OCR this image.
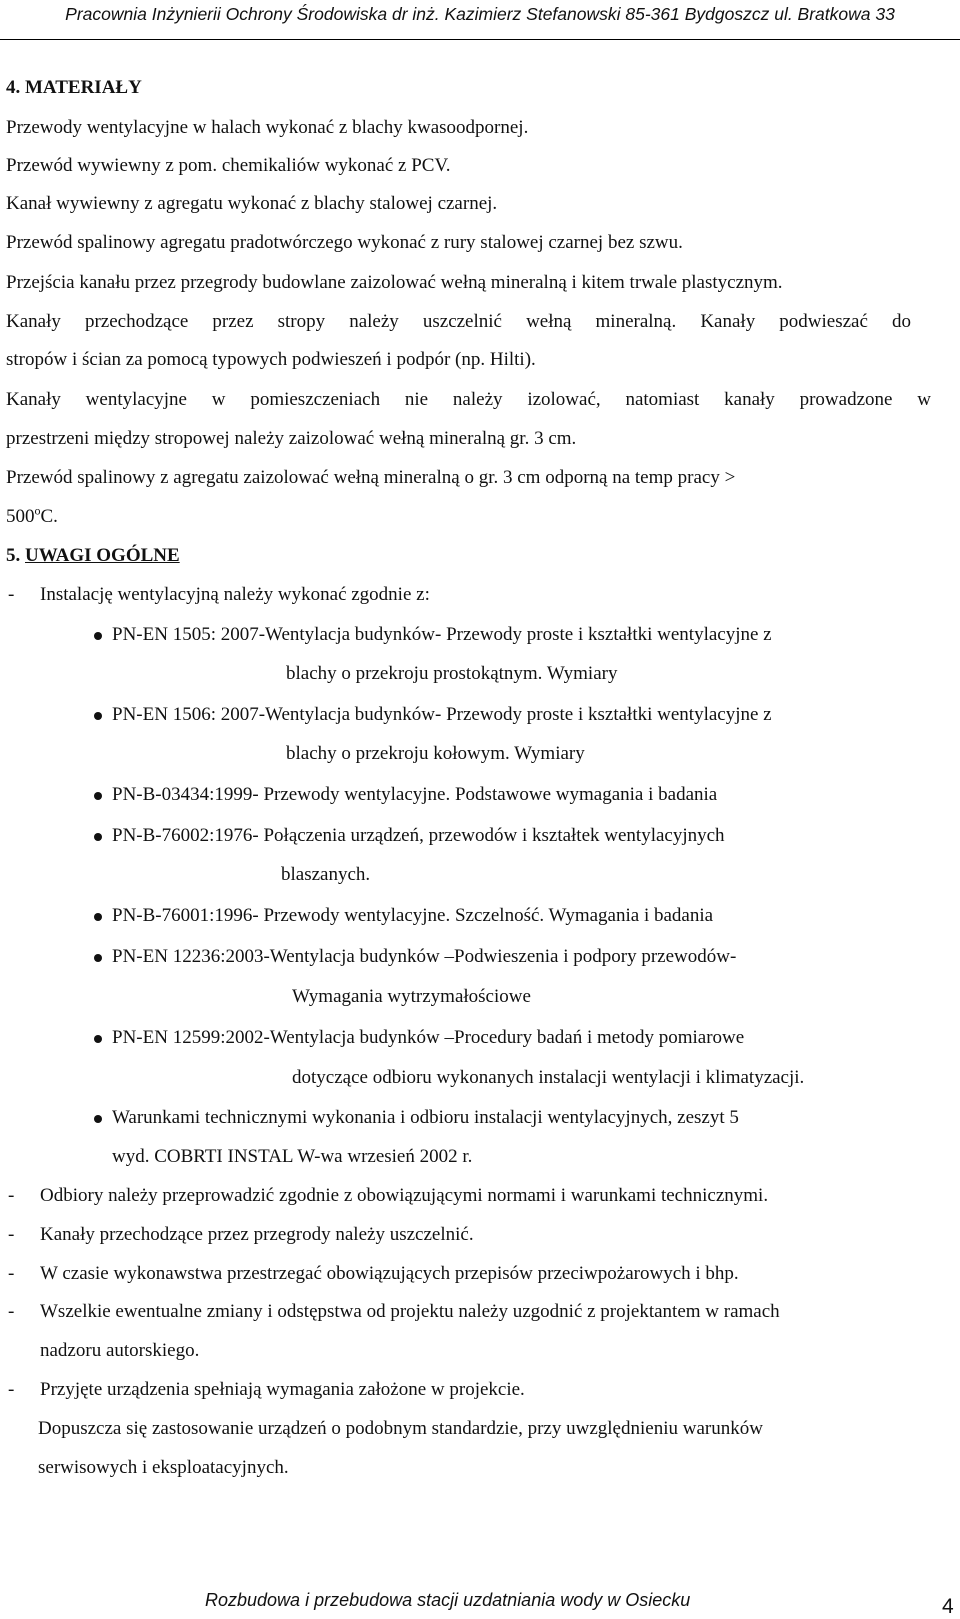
Pracownia Inżynierii Ochrony Środowiska dr inż. Kazimierz Stefanowski 85-361 Bydgoszcz ul. Bratkowa 33
4. MATERIAŁY
Przewody wentylacyjne w halach wykonać z blachy kwasoodpornej.
Przewód wywiewny z pom. chemikaliów wykonać z PCV.
Kanał wywiewny z agregatu wykonać z blachy stalowej czarnej.
Przewód spalinowy agregatu pradotwórczego wykonać z rury stalowej czarnej bez szwu.
Przejścia kanału przez przegrody budowlane zaizolować wełną mineralną i kitem trwale plastycznym.
Kanały przechodzące przez stropy należy uszczelnić wełną mineralną. Kanały podwieszać do
stropów i ścian za pomocą typowych podwieszeń i podpór (np. Hilti).
Kanały wentylacyjne w pomieszczeniach nie należy izolować, natomiast kanały prowadzone w
przestrzeni między stropowej należy zaizolować wełną mineralną gr. 3 cm.
Przewód spalinowy z agregatu zaizolować wełną mineralną o gr. 3 cm odporną na temp pracy >
$500^oC$.
5. UWAGI OGÓLNE
- Instalację wentylacyjną należy wykonać zgodnie z:
PN-EN 1505: 2007-Wentylacja budynków- Przewody proste i kształtki wentylacyjne z
blachy o przekroju prostokątnym. Wymiary
PN-EN 1506: 2007-Wentylacja budynków- Przewody proste i kształtki wentylacyjne z
blachy o przekroju kołowym. Wymiary
PN-B-03434:1999- Przewody wentylacyjne. Podstawowe wymagania i badania
PN-B-76002:1976- Połączenia urządzeń, przewodów i kształtek wentylacyjnych
blaszanych.
PN-B-76001:1996- Przewody wentylacyjne. Szczelność. Wymagania i badania
PN-EN 12236:2003-Wentylacja budynków –Podwieszenia i podpory przewodów-
Wymagania wytrzymałościowe
PN-EN 12599:2002-Wentylacja budynków –Procedury badań i metody pomiarowe
dotyczące odbioru wykonanych instalacji wentylacji i klimatyzacji.
Warunkami technicznymi wykonania i odbioru instalacji wentylacyjnych, zeszyt 5
wyd. COBRTI INSTAL W-wa wrzesień 2002 r.
- Odbiory należy przeprowadzić zgodnie z obowiązującymi normami i warunkami technicznymi.
- Kanały przechodzące przez przegrody należy uszczelnić.
- W czasie wykonawstwa przestrzegać obowiązujących przepisów przeciwpożarowych i bhp.
- Wszelkie ewentualne zmiany i odstępstwa od projektu należy uzgodnić z projektantem w ramach
nadzoru autorskiego.
- Przyjęte urządzenia spełniają wymagania założone w projekcie.
Dopuszcza się zastosowanie urządzeń o podobnym standardzie, przy uwzględnieniu warunków
serwisowych i eksploatacyjnych.
Rozbudowa i przebudowa stacji uzdatniania wody w Osiecku	4
